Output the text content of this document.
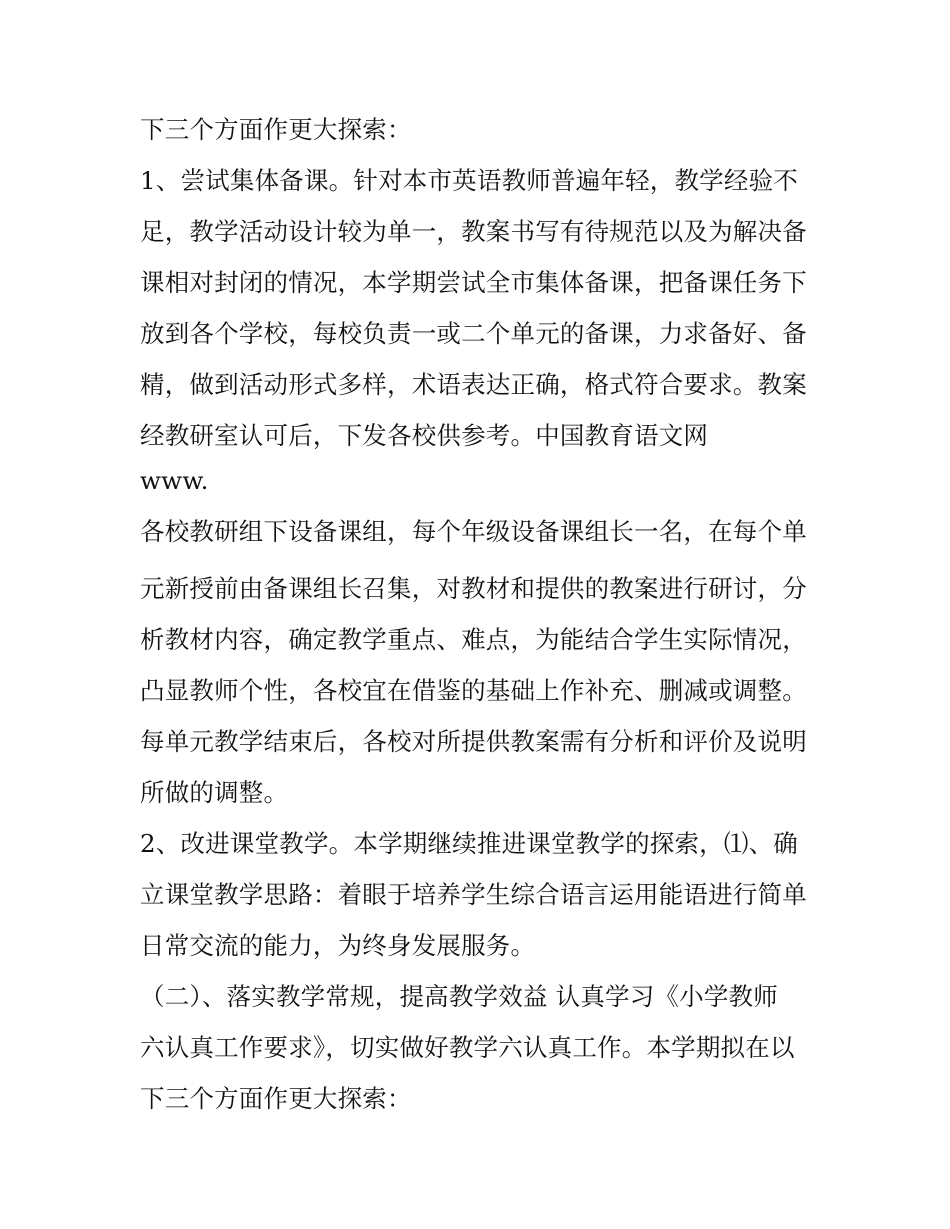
下三个方面作更大探索：
1、尝试集体备课。针对本市英语教师普遍年轻，教学经验不
足，教学活动设计较为单一，教案书写有待规范以及为解决备
课相对封闭的情况，本学期尝试全市集体备课，把备课任务下
放到各个学校，每校负责一或二个单元的备课，力求备好、备
精，做到活动形式多样，术语表达正确，格式符合要求。教案
经教研室认可后，下发各校供参考。中国教育语文网
www.
各校教研组下设备课组，每个年级设备课组长一名，在每个单
元新授前由备课组长召集，对教材和提供的教案进行研讨，分
析教材内容，确定教学重点、难点，为能结合学生实际情况，
凸显教师个性，各校宜在借鉴的基础上作补充、删减或调整。
每单元教学结束后，各校对所提供教案需有分析和评价及说明
所做的调整。
2、改进课堂教学。本学期继续推进课堂教学的探索，⑴、确
立课堂教学思路：着眼于培养学生综合语言运用能语进行简单
日常交流的能力，为终身发展服务。
（二）、落实教学常规，提高教学效益 认真学习《小学教师
六认真工作要求》，切实做好教学六认真工作。本学期拟在以
下三个方面作更大探索：
